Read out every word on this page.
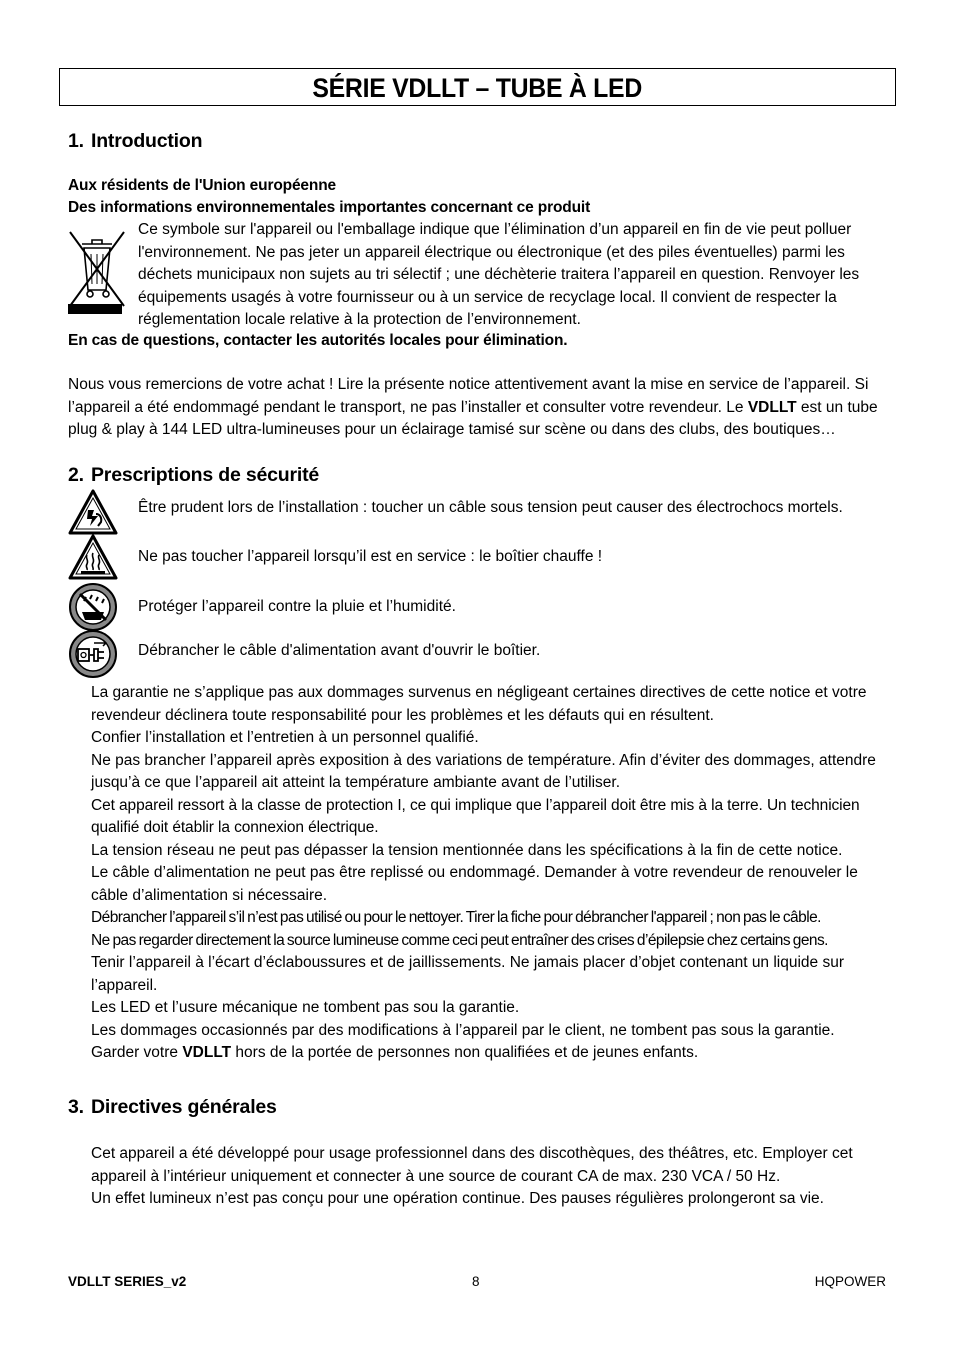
SÉRIE VDLLT – TUBE À LED
1. Introduction
Aux résidents de l'Union européenne
Des informations environnementales importantes concernant ce produit
Ce symbole sur l'appareil ou l'emballage indique que l’élimination d’un appareil en fin de vie peut polluer l'environnement. Ne pas jeter un appareil électrique ou électronique (et des piles éventuelles) parmi les déchets municipaux non sujets au tri sélectif ; une déchèterie traitera l’appareil en question. Renvoyer les équipements usagés à votre fournisseur ou à un service de recyclage local. Il convient de respecter la réglementation locale relative à la protection de l’environnement.
En cas de questions, contacter les autorités locales pour élimination.
Nous vous remercions de votre achat ! Lire la présente notice attentivement avant la mise en service de l’appareil. Si l’appareil a été endommagé pendant le transport, ne pas l’installer et consulter votre revendeur. Le VDLLT est un tube plug & play à 144 LED ultra-lumineuses pour un éclairage tamisé sur scène ou dans des clubs, des boutiques…
2. Prescriptions de sécurité
Être prudent lors de l’installation : toucher un câble sous tension peut causer des électrochocs mortels.
Ne pas toucher l’appareil lorsqu’il est en service : le boîtier chauffe !
Protéger l’appareil contre la pluie et l’humidité.
Débrancher le câble d'alimentation avant d'ouvrir le boîtier.

La garantie ne s’applique pas aux dommages survenus en négligeant certaines directives de cette notice et votre revendeur déclinera toute responsabilité pour les problèmes et les défauts qui en résultent.

Confier l’installation et l’entretien à un personnel qualifié.

Ne pas brancher l’appareil après exposition à des variations de température. Afin d’éviter des dommages, attendre jusqu’à ce que l’appareil ait atteint la température ambiante avant de l’utiliser.

Cet appareil ressort à la classe de protection I, ce qui implique que l’appareil doit être mis à la terre. Un technicien qualifié doit établir la connexion électrique.

La tension réseau ne peut pas dépasser la tension mentionnée dans les spécifications à la fin de cette notice.

Le câble d’alimentation ne peut pas être replissé ou endommagé. Demander à votre revendeur de renouveler le câble d’alimentation si nécessaire.

Débrancher l’appareil s’il n’est pas utilisé ou pour le nettoyer. Tirer la fiche pour débrancher l'appareil ; non pas le câble.

Ne pas regarder directement la source lumineuse comme ceci peut entraîner des crises d’épilepsie chez certains gens.

Tenir l’appareil à l’écart d’éclaboussures et de jaillissements. Ne jamais placer d’objet contenant un liquide sur l’appareil.

Les LED et l’usure mécanique ne tombent pas sou la garantie.

Les dommages occasionnés par des modifications à l’appareil par le client, ne tombent pas sous la garantie.

Garder votre VDLLT hors de la portée de personnes non qualifiées et de jeunes enfants.

3. Directives générales

Cet appareil a été développé pour usage professionnel dans des discothèques, des théâtres, etc. Employer cet appareil à l’intérieur uniquement et connecter à une source de courant CA de max. 230 VCA / 50 Hz.

Un effet lumineux n’est pas conçu pour une opération continue. Des pauses régulières prolongeront sa vie.

VDLLT SERIES_v2	8	HQPOWER
